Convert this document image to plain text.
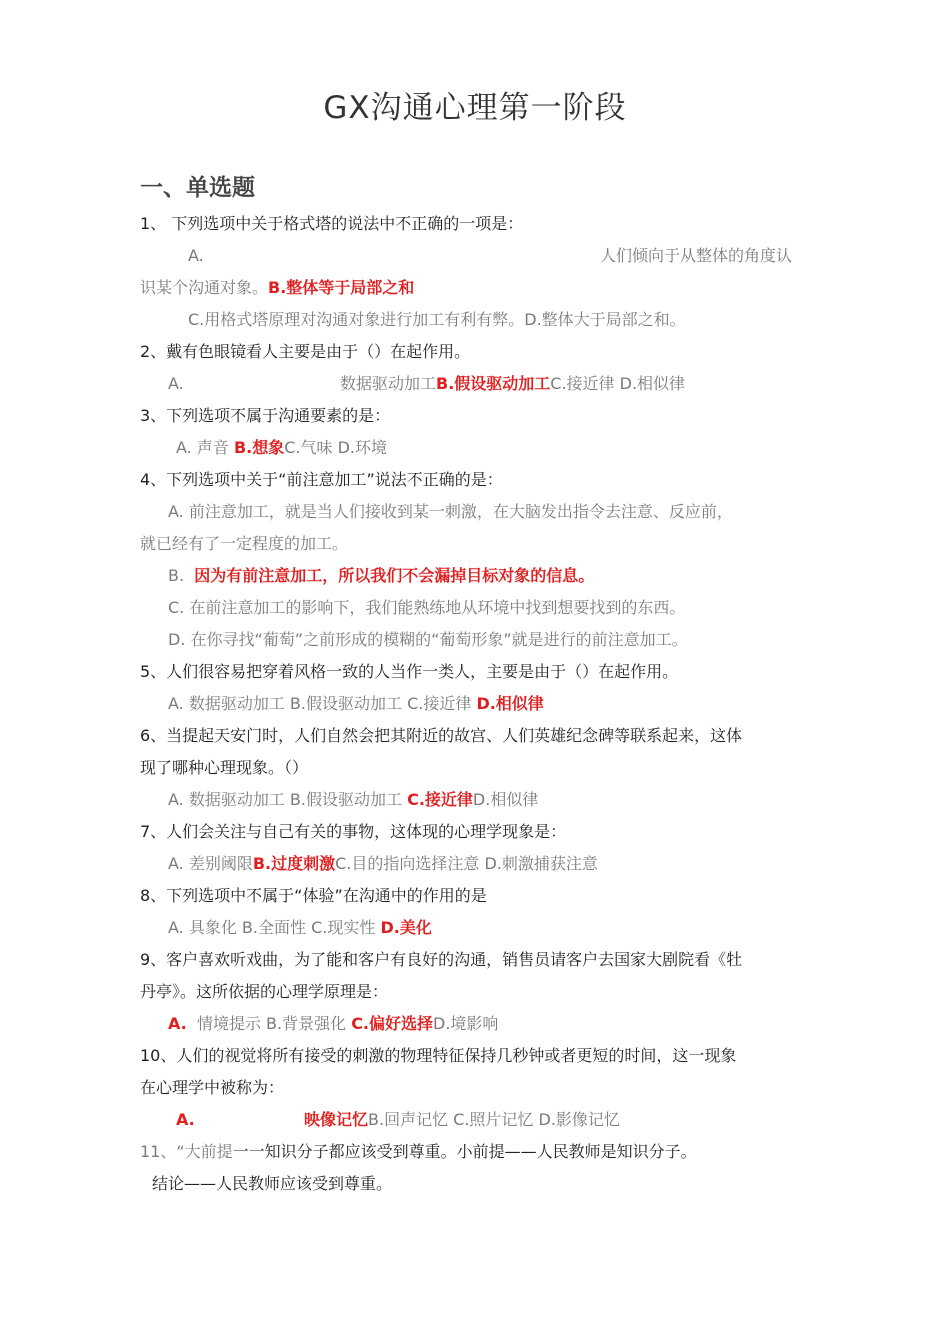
GX沟通心理第一阶段
一、单选题
1、 下列选项中关于格式塔的说法中不正确的一项是：
A.	人们倾向于从整体的角度认
识某个沟通对象。B.整体等于局部之和
C.用格式塔原理对沟通对象进行加工有利有弊。D.整体大于局部之和。
2、戴有色眼镜看人主要是由于（）在起作用。
A.	数据驱动加工B.假设驱动加工C.接近律 D.相似律
3、下列选项不属于沟通要素的是：
A. 声音 B.想象C.气味 D.环境
4、下列选项中关于“前注意加工”说法不正确的是：
A. 前注意加工，就是当人们接收到某一刺激，在大脑发出指令去注意、反应前，
就已经有了一定程度的加工。
B. 因为有前注意加工，所以我们不会漏掉目标对象的信息。
C. 在前注意加工的影响下，我们能熟练地从环境中找到想要找到的东西。
D. 在你寻找“葡萄”之前形成的模糊的“葡萄形象”就是进行的前注意加工。
5、人们很容易把穿着风格一致的人当作一类人，主要是由于（）在起作用。
A. 数据驱动加工 B.假设驱动加工 C.接近律 D.相似律
6、当提起天安门时，人们自然会把其附近的故宫、人们英雄纪念碑等联系起来，这体
现了哪种心理现象。（）
A. 数据驱动加工 B.假设驱动加工 C.接近律D.相似律
7、人们会关注与自己有关的事物，这体现的心理学现象是：
A. 差别阈限B.过度刺激C.目的指向选择注意 D.刺激捕获注意
8、下列选项中不属于“体验”在沟通中的作用的是
A. 具象化 B.全面性 C.现实性 D.美化
9、客户喜欢听戏曲，为了能和客户有良好的沟通，销售员请客户去国家大剧院看《牡
丹亭》。这所依据的心理学原理是：
A. 情境提示 B.背景强化 C.偏好选择D.境影响
10、人们的视觉将所有接受的刺激的物理特征保持几秒钟或者更短的时间，这一现象
在心理学中被称为：
A.	映像记忆B.回声记忆 C.照片记忆 D.影像记忆
11、“大前提一一知识分子都应该受到尊重。小前提——人民教师是知识分子。
结论——人民教师应该受到尊重。
